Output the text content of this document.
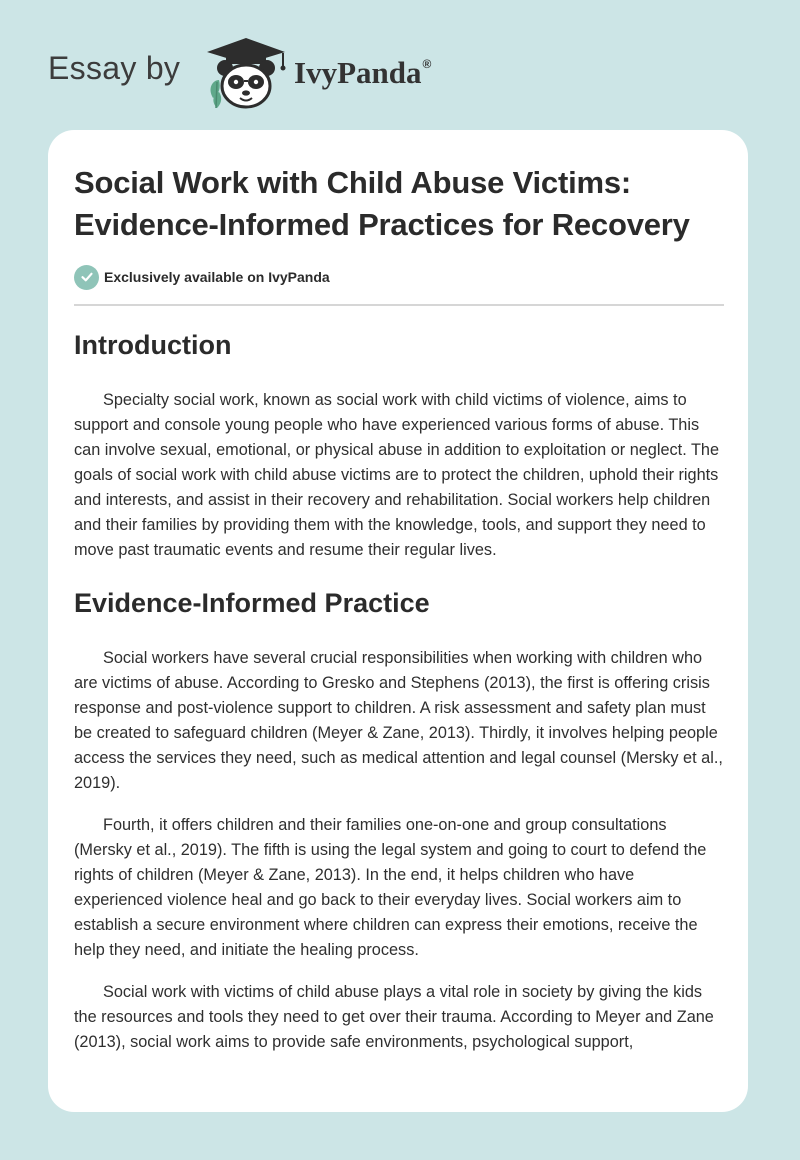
Essay by	IvyPanda®
Social Work with Child Abuse Victims: Evidence-Informed Practices for Recovery
Exclusively available on IvyPanda
Introduction

Specialty social work, known as social work with child victims of violence, aims to support and console young people who have experienced various forms of abuse. This can involve sexual, emotional, or physical abuse in addition to exploitation or neglect. The goals of social work with child abuse victims are to protect the children, uphold their rights and interests, and assist in their recovery and rehabilitation. Social workers help children and their families by providing them with the knowledge, tools, and support they need to move past traumatic events and resume their regular lives.

Evidence-Informed Practice

Social workers have several crucial responsibilities when working with children who are victims of abuse. According to Gresko and Stephens (2013), the first is offering crisis response and post-violence support to children. A risk assessment and safety plan must be created to safeguard children (Meyer & Zane, 2013). Thirdly, it involves helping people access the services they need, such as medical attention and legal counsel (Mersky et al., 2019).

Fourth, it offers children and their families one-on-one and group consultations (Mersky et al., 2019). The fifth is using the legal system and going to court to defend the rights of children (Meyer & Zane, 2013). In the end, it helps children who have experienced violence heal and go back to their everyday lives. Social workers aim to establish a secure environment where children can express their emotions, receive the help they need, and initiate the healing process.

Social work with victims of child abuse plays a vital role in society by giving the kids the resources and tools they need to get over their trauma. According to Meyer and Zane (2013), social work aims to provide safe environments, psychological support,
